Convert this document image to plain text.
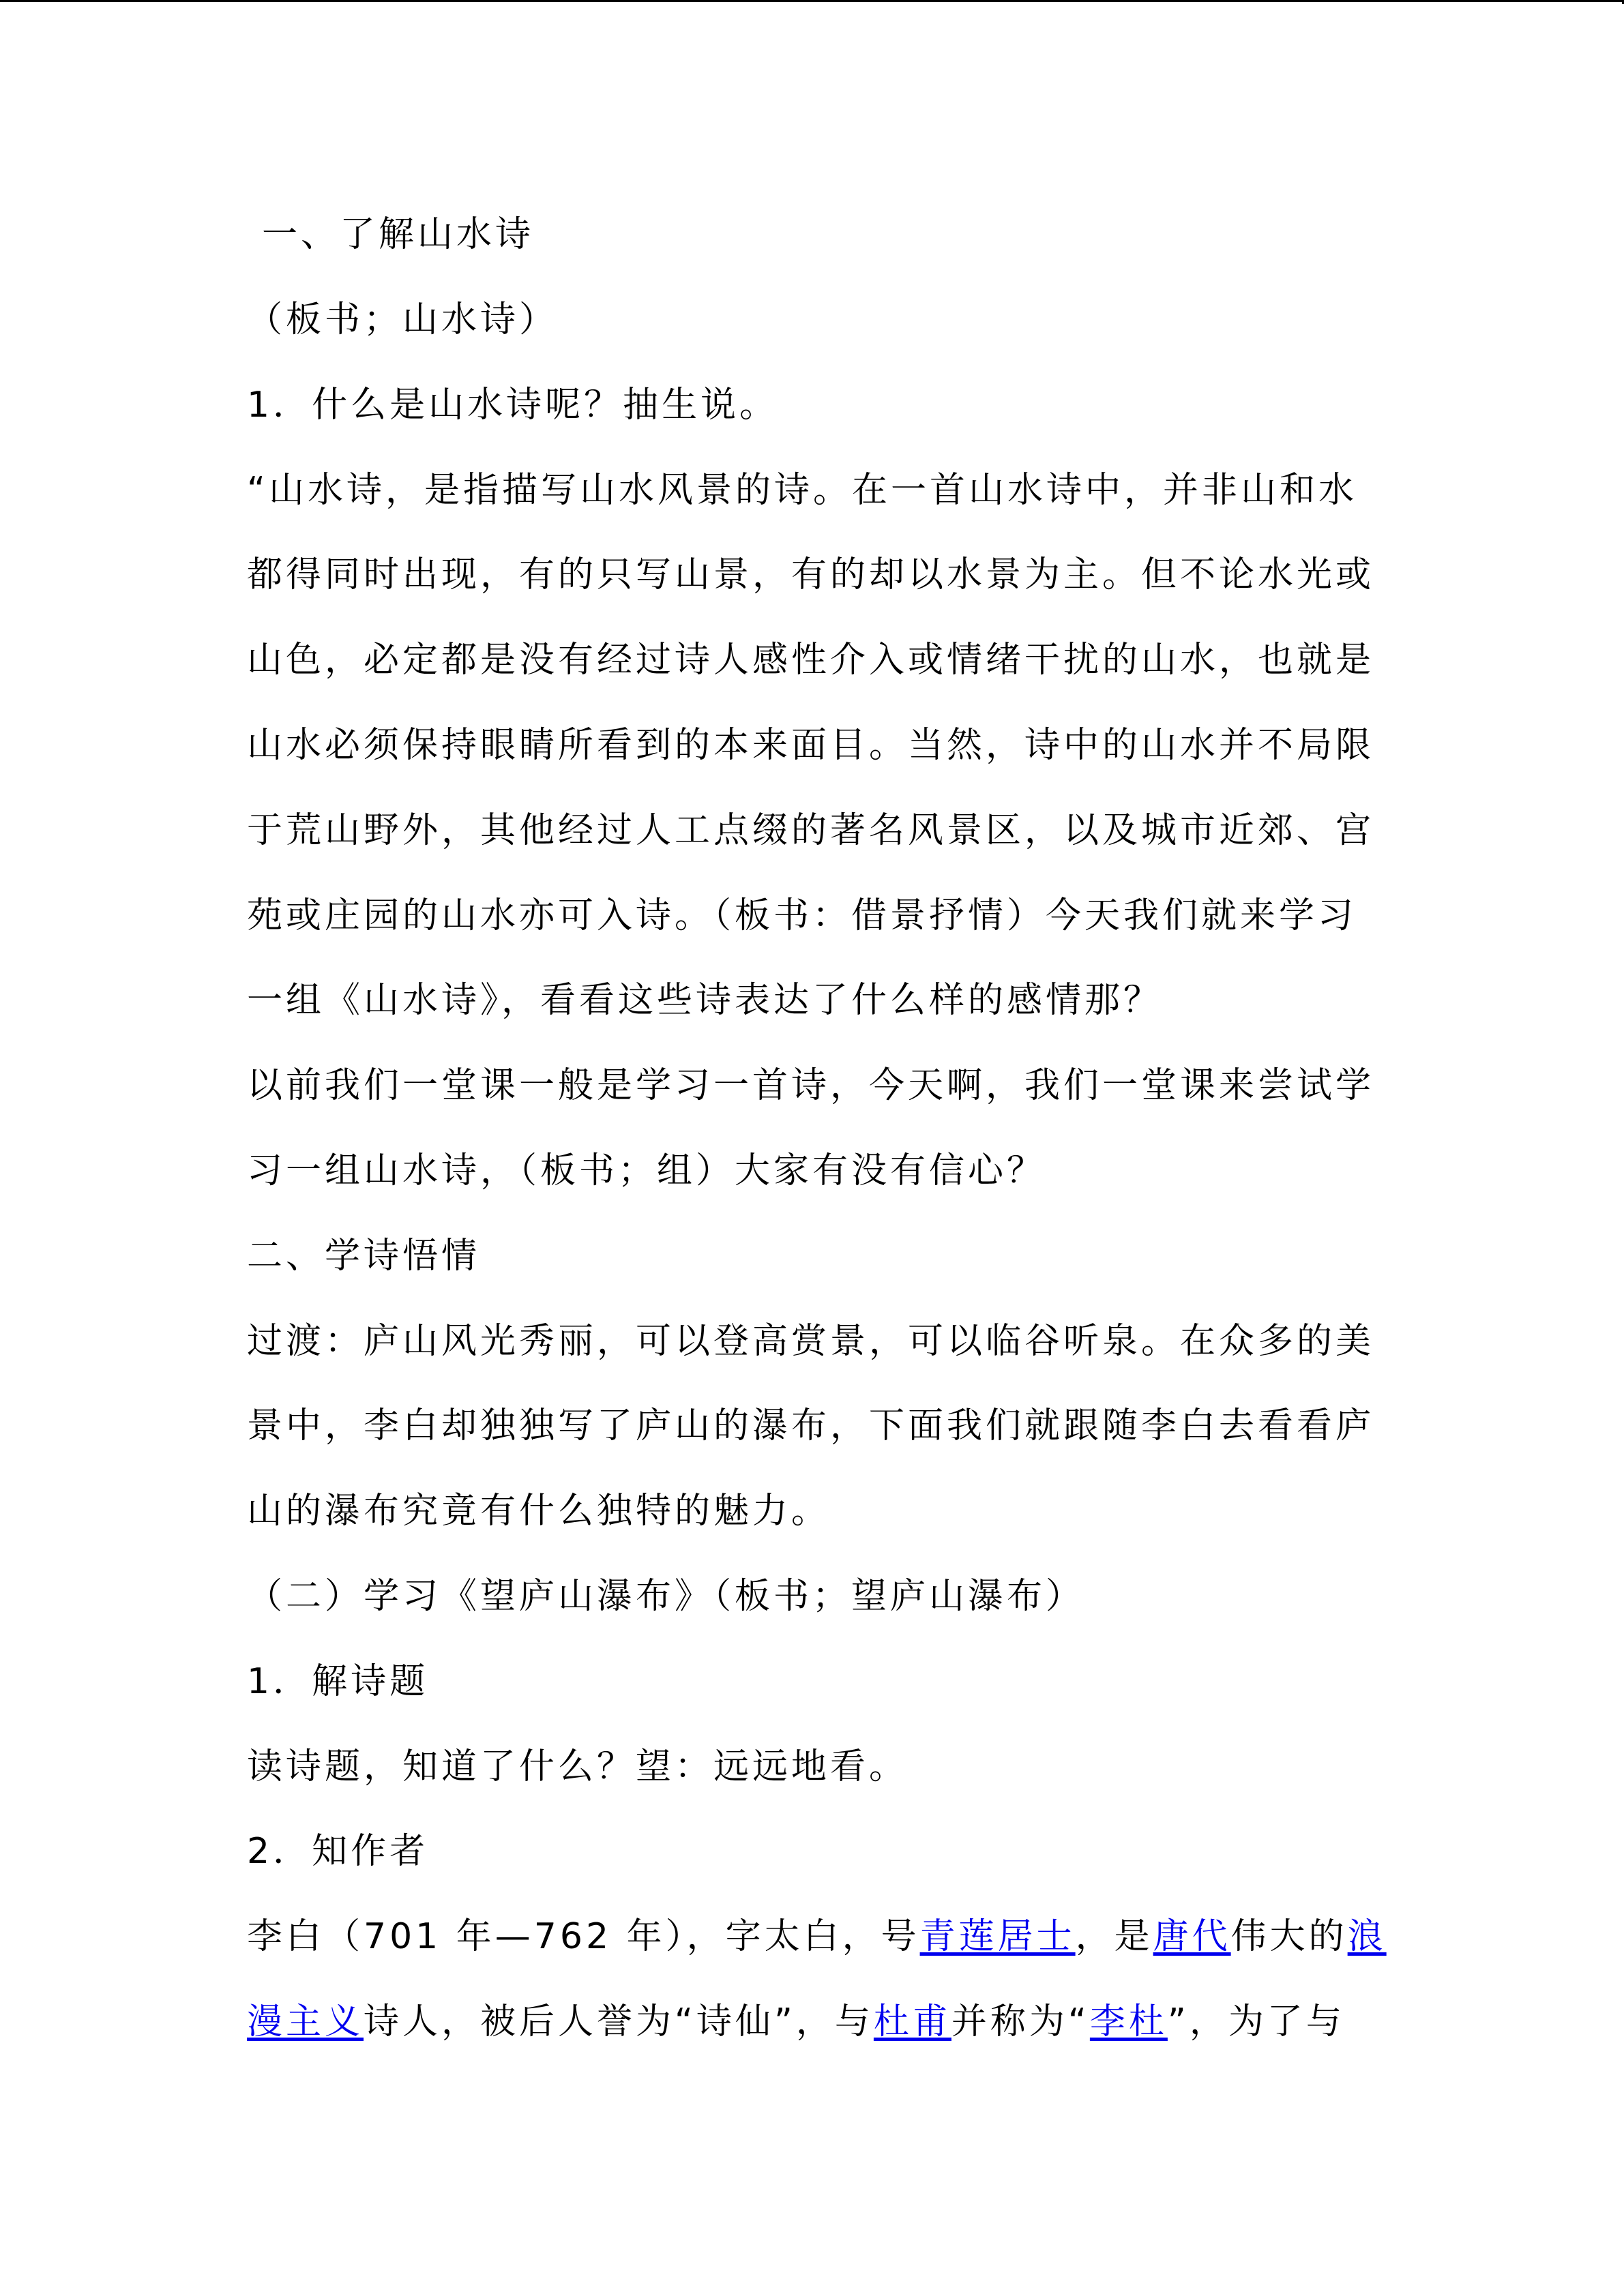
一、了解山水诗
（板书；山水诗）
1．什么是山水诗呢？抽生说。
“山水诗，是指描写山水风景的诗。在一首山水诗中，并非山和水
都得同时出现，有的只写山景，有的却以水景为主。但不论水光或
山色，必定都是没有经过诗人感性介入或情绪干扰的山水，也就是
山水必须保持眼睛所看到的本来面目。当然，诗中的山水并不局限
于荒山野外，其他经过人工点缀的著名风景区，以及城市近郊、宫
苑或庄园的山水亦可入诗。（板书：借景抒情）今天我们就来学习
一组《山水诗》，看看这些诗表达了什么样的感情那？
以前我们一堂课一般是学习一首诗，今天啊，我们一堂课来尝试学
习一组山水诗，（板书；组）大家有没有信心？
二、学诗悟情
过渡：庐山风光秀丽，可以登高赏景，可以临谷听泉。在众多的美
景中，李白却独独写了庐山的瀑布，下面我们就跟随李白去看看庐
山的瀑布究竟有什么独特的魅力。
（二）学习《望庐山瀑布》（板书；望庐山瀑布）
1．解诗题
读诗题，知道了什么？望：远远地看。
2．知作者
李白（701 年—762 年），字太白，号青莲居士，是唐代伟大的浪
漫主义诗人，被后人誉为“诗仙”，与杜甫并称为“李杜”，为了与
